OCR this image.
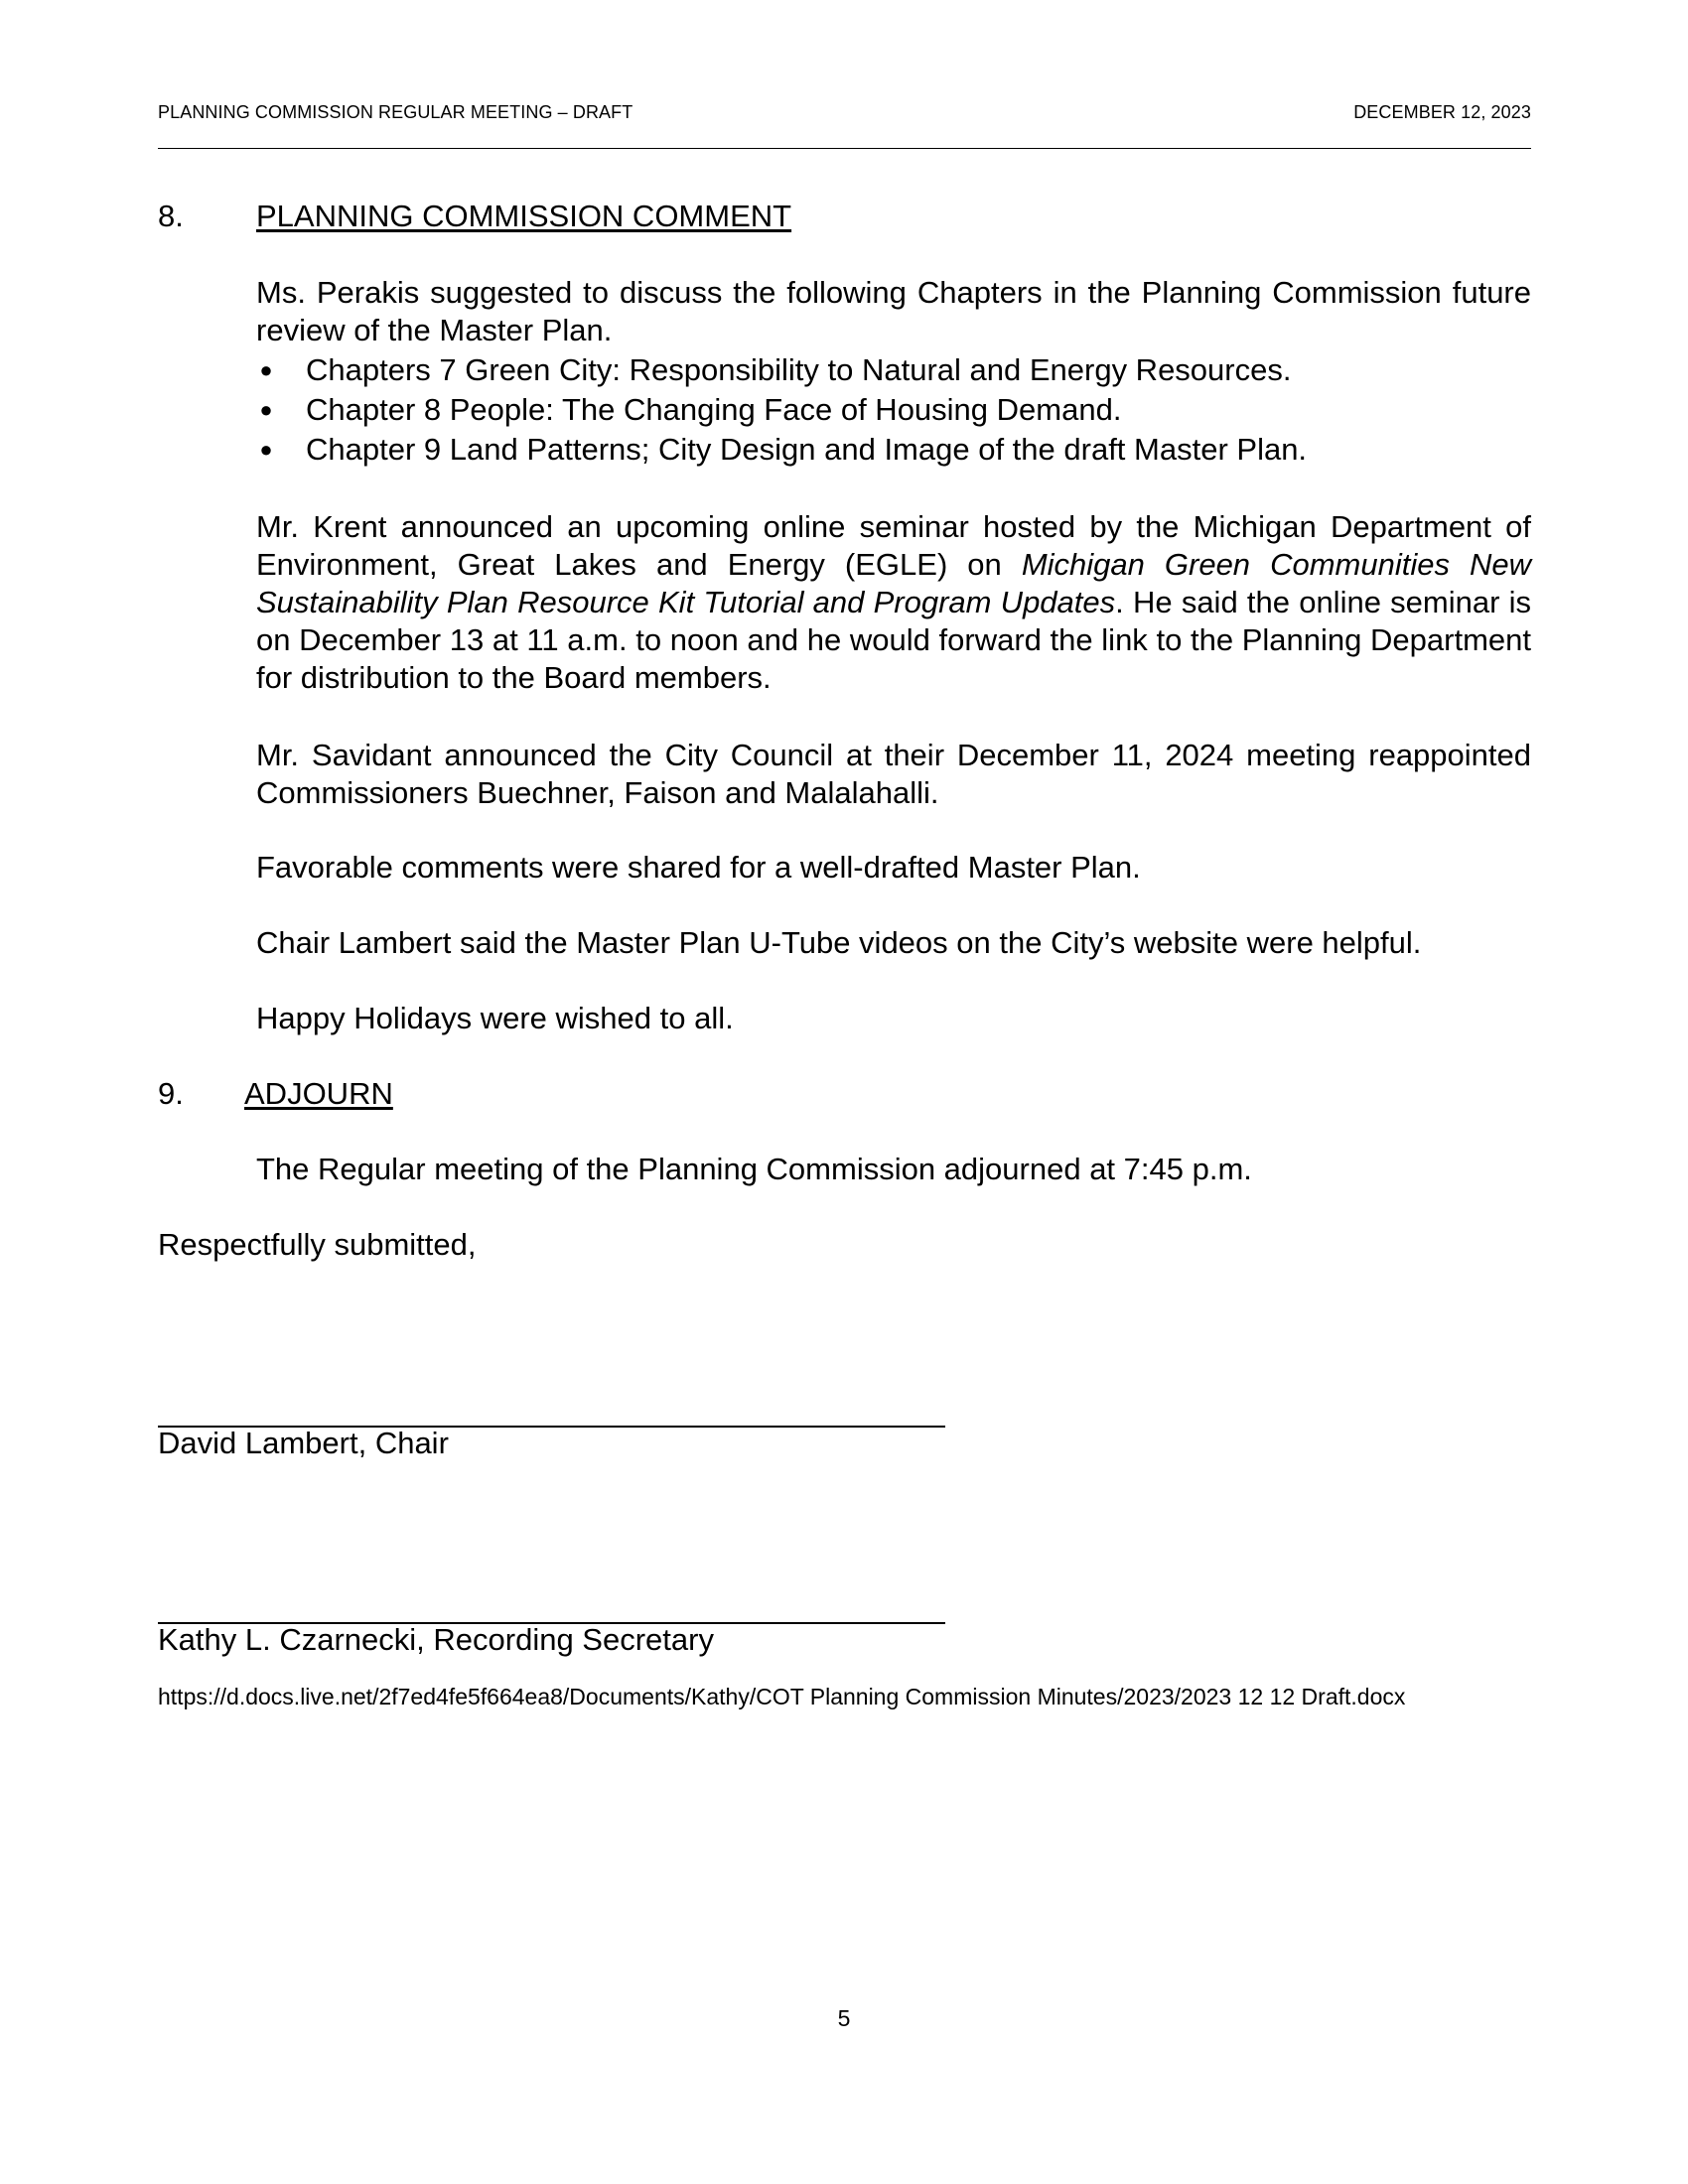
PLANNING COMMISSION REGULAR MEETING – DRAFT	DECEMBER 12, 2023
8. PLANNING COMMISSION COMMENT
Ms. Perakis suggested to discuss the following Chapters in the Planning Commission future review of the Master Plan.
● Chapters 7 Green City: Responsibility to Natural and Energy Resources.
● Chapter 8 People: The Changing Face of Housing Demand.
● Chapter 9 Land Patterns; City Design and Image of the draft Master Plan.
Mr. Krent announced an upcoming online seminar hosted by the Michigan Department of Environment, Great Lakes and Energy (EGLE) on Michigan Green Communities New Sustainability Plan Resource Kit Tutorial and Program Updates. He said the online seminar is on December 13 at 11 a.m. to noon and he would forward the link to the Planning Department for distribution to the Board members.
Mr. Savidant announced the City Council at their December 11, 2024 meeting reappointed Commissioners Buechner, Faison and Malalahalli.
Favorable comments were shared for a well-drafted Master Plan.
Chair Lambert said the Master Plan U-Tube videos on the City’s website were helpful.
Happy Holidays were wished to all.
9. ADJOURN
The Regular meeting of the Planning Commission adjourned at 7:45 p.m.
Respectfully submitted,
David Lambert, Chair
Kathy L. Czarnecki, Recording Secretary
https://d.docs.live.net/2f7ed4fe5f664ea8/Documents/Kathy/COT Planning Commission Minutes/2023/2023 12 12 Draft.docx
5
